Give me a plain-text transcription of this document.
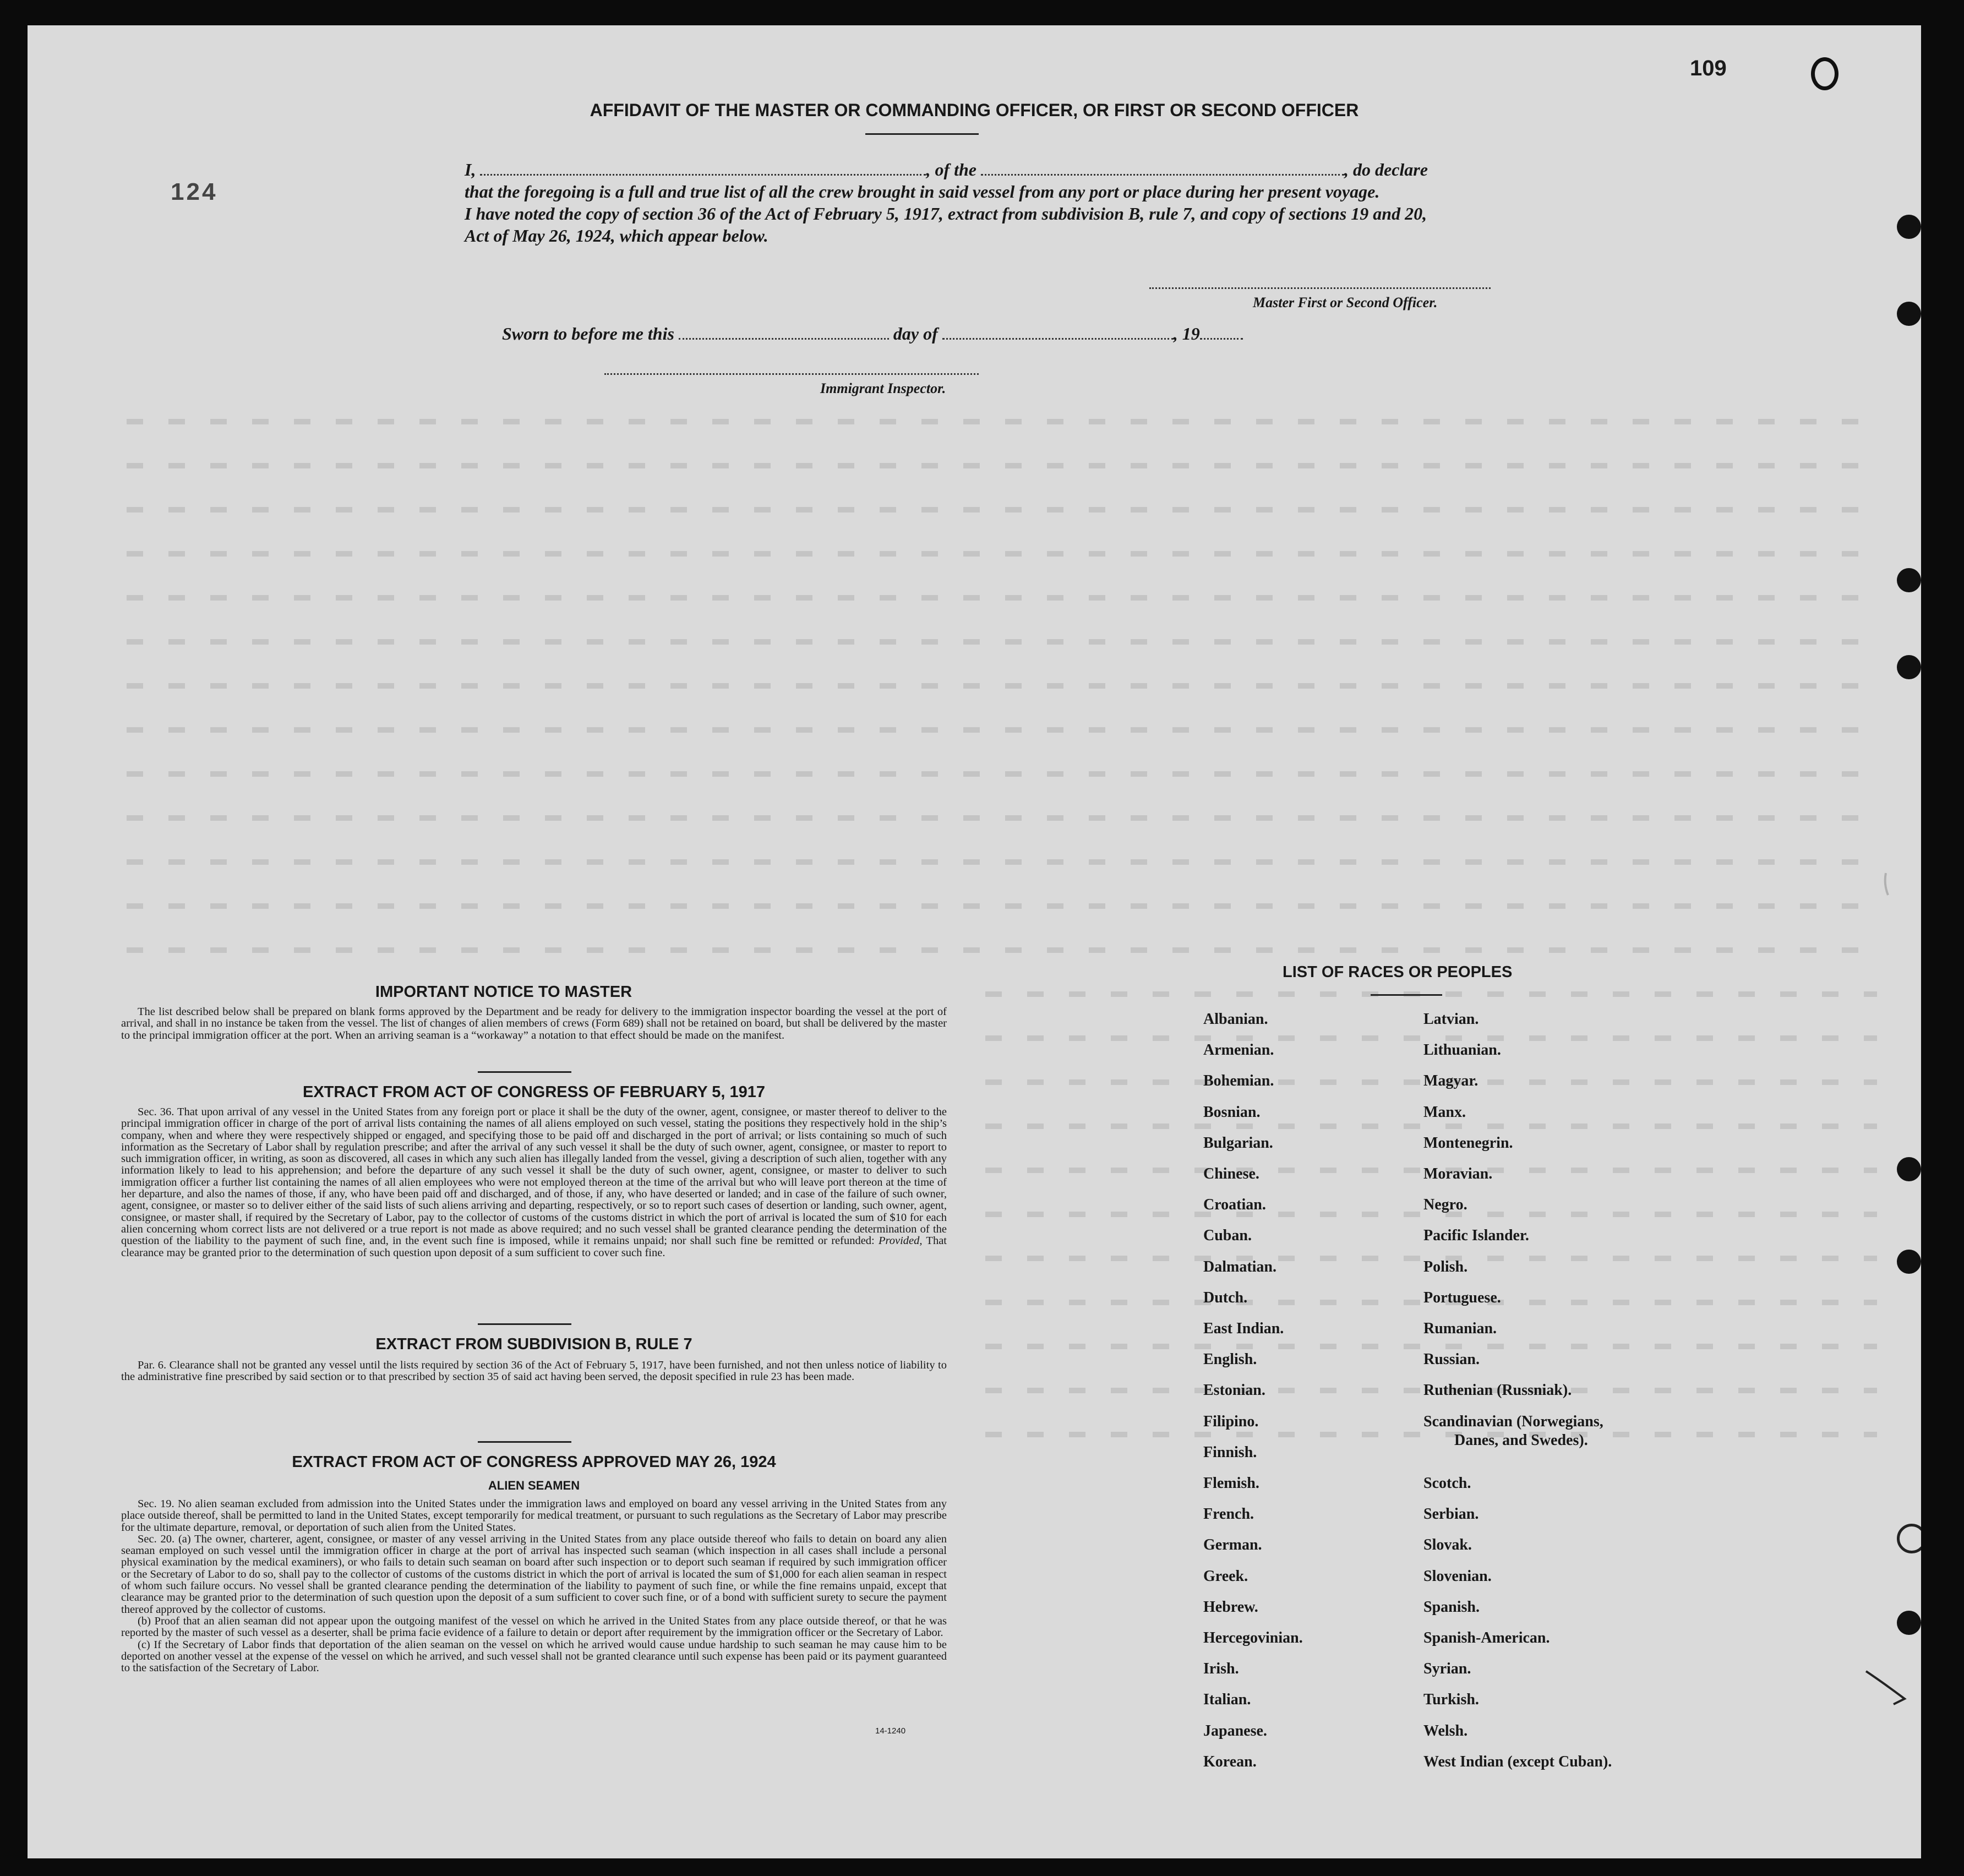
109
124
AFFIDAVIT OF THE MASTER OR COMMANDING OFFICER, OR FIRST OR SECOND OFFICER
I,	, of the	, do declare
that the foregoing is a full and true list of all the crew brought in said vessel from any port or place during her present voyage.
I have noted the copy of section 36 of the Act of February 5, 1917, extract from subdivision B, rule 7, and copy of sections 19 and 20,
Act of May 26, 1924, which appear below.
Master First or Second Officer.
Sworn to before me this	day of	, 19
Immigrant Inspector.
IMPORTANT NOTICE TO MASTER

The list described below shall be prepared on blank forms approved by the Department and be ready for delivery to the immigration inspector boarding the vessel at the port of arrival, and shall in no instance be taken from the vessel. The list of changes of alien members of crews (Form 689) shall not be retained on board, but shall be delivered by the master to the principal immigration officer at the port. When an arriving seaman is a “workaway” a notation to that effect should be made on the manifest.

EXTRACT FROM ACT OF CONGRESS OF FEBRUARY 5, 1917

Sec. 36. That upon arrival of any vessel in the United States from any foreign port or place it shall be the duty of the owner, agent, consignee, or master thereof to deliver to the principal immigration officer in charge of the port of arrival lists containing the names of all aliens employed on such vessel, stating the positions they respectively hold in the ship’s company, when and where they were respectively shipped or engaged, and specifying those to be paid off and discharged in the port of arrival; or lists containing so much of such information as the Secretary of Labor shall by regulation prescribe; and after the arrival of any such vessel it shall be the duty of such owner, agent, consignee, or master to report to such immigration officer, in writing, as soon as discovered, all cases in which any such alien has illegally landed from the vessel, giving a description of such alien, together with any information likely to lead to his apprehension; and before the departure of any such vessel it shall be the duty of such owner, agent, consignee, or master to deliver to such immigration officer a further list containing the names of all alien employees who were not employed thereon at the time of the arrival but who will leave port thereon at the time of her departure, and also the names of those, if any, who have been paid off and discharged, and of those, if any, who have deserted or landed; and in case of the failure of such owner, agent, consignee, or master so to deliver either of the said lists of such aliens arriving and departing, respectively, or so to report such cases of desertion or landing, such owner, agent, consignee, or master shall, if required by the Secretary of Labor, pay to the collector of customs of the customs district in which the port of arrival is located the sum of $10 for each alien concerning whom correct lists are not delivered or a true report is not made as above required; and no such vessel shall be granted clearance pending the determination of the question of the liability to the payment of such fine, and, in the event such fine is imposed, while it remains unpaid; nor shall such fine be remitted or refunded: Provided, That clearance may be granted prior to the determination of such question upon deposit of a sum sufficient to cover such fine.

EXTRACT FROM SUBDIVISION B, RULE 7

Par. 6. Clearance shall not be granted any vessel until the lists required by section 36 of the Act of February 5, 1917, have been furnished, and not then unless notice of liability to the administrative fine prescribed by said section or to that prescribed by section 35 of said act having been served, the deposit specified in rule 23 has been made.

EXTRACT FROM ACT OF CONGRESS APPROVED MAY 26, 1924
ALIEN SEAMEN

Sec. 19. No alien seaman excluded from admission into the United States under the immigration laws and employed on board any vessel arriving in the United States from any place outside thereof, shall be permitted to land in the United States, except temporarily for medical treatment, or pursuant to such regulations as the Secretary of Labor may prescribe for the ultimate departure, removal, or deportation of such alien from the United States.

Sec. 20. (a) The owner, charterer, agent, consignee, or master of any vessel arriving in the United States from any place outside thereof who fails to detain on board any alien seaman employed on such vessel until the immigration officer in charge at the port of arrival has inspected such seaman (which inspection in all cases shall include a personal physical examination by the medical examiners), or who fails to detain such seaman on board after such inspection or to deport such seaman if required by such immigration officer or the Secretary of Labor to do so, shall pay to the collector of customs of the customs district in which the port of arrival is located the sum of $1,000 for each alien seaman in respect of whom such failure occurs. No vessel shall be granted clearance pending the determination of the liability to payment of such fine, or while the fine remains unpaid, except that clearance may be granted prior to the determination of such question upon the deposit of a sum sufficient to cover such fine, or of a bond with sufficient surety to secure the payment thereof approved by the collector of customs.

(b) Proof that an alien seaman did not appear upon the outgoing manifest of the vessel on which he arrived in the United States from any place outside thereof, or that he was reported by the master of such vessel as a deserter, shall be prima facie evidence of a failure to detain or deport after requirement by the immigration officer or the Secretary of Labor.

(c) If the Secretary of Labor finds that deportation of the alien seaman on the vessel on which he arrived would cause undue hardship to such seaman he may cause him to be deported on another vessel at the expense of the vessel on which he arrived, and such vessel shall not be granted clearance until such expense has been paid or its payment guaranteed to the satisfaction of the Secretary of Labor.

14-1240
LIST OF RACES OR PEOPLES
Albanian.
Armenian.
Bohemian.
Bosnian.
Bulgarian.
Chinese.
Croatian.
Cuban.
Dalmatian.
Dutch.
East Indian.
English.
Estonian.
Filipino.
Finnish.
Flemish.
French.
German.
Greek.
Hebrew.
Hercegovinian.
Irish.
Italian.
Japanese.
Korean.
Latvian.
Lithuanian.
Magyar.
Manx.
Montenegrin.
Moravian.
Negro.
Pacific Islander.
Polish.
Portuguese.
Rumanian.
Russian.
Ruthenian (Russniak).
Scandinavian (Norwegians,
Danes, and Swedes).
Scotch.
Serbian.
Slovak.
Slovenian.
Spanish.
Spanish-American.
Syrian.
Turkish.
Welsh.
West Indian (except Cuban).
